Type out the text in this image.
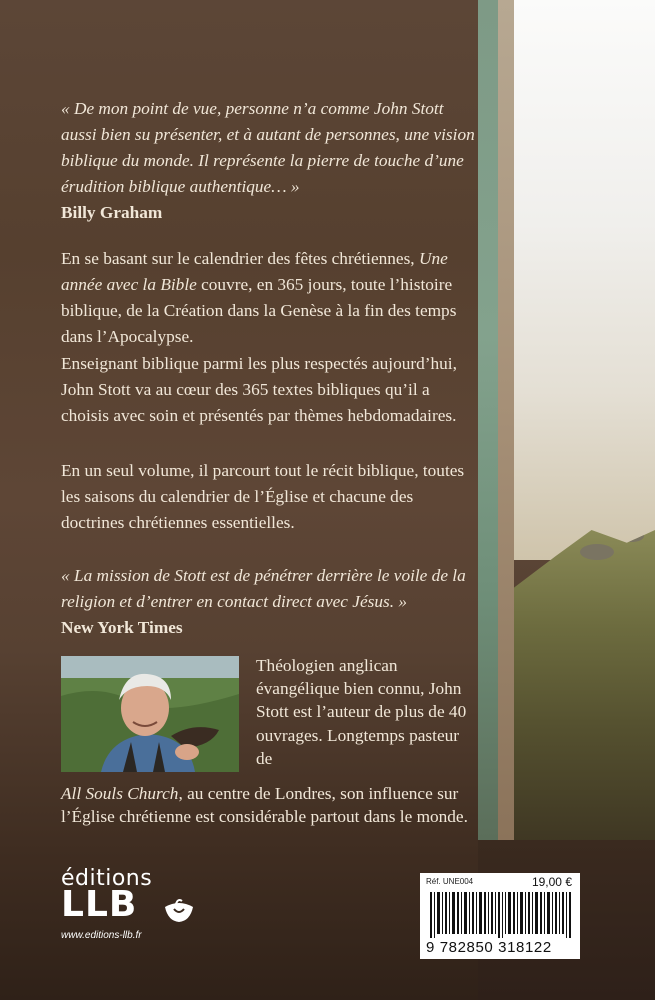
« De mon point de vue, personne n’a comme John Stott aussi bien su présenter, et à autant de personnes, une vision biblique du monde. Il représente la pierre de touche d’une érudition biblique authentique… »

Billy Graham

En se basant sur le calendrier des fêtes chrétiennes, Une année avec la Bible couvre, en 365 jours, toute l’histoire biblique, de la Création dans la Genèse à la fin des temps dans l’Apocalypse.

Enseignant biblique parmi les plus respectés aujourd’hui, John Stott va au cœur des 365 textes bibliques qu’il a choisis avec soin et présentés par thèmes hebdomadaires.

En un seul volume, il parcourt tout le récit biblique, toutes les saisons du calendrier de l’Église et chacune des doctrines chrétiennes essentielles.

« La mission de Stott est de pénétrer derrière le voile de la religion et d’entrer en contact direct avec Jésus. »

New York Times

Théologien anglican évangélique bien connu, John Stott est l’auteur de plus de 40 ouvrages. Longtemps pasteur de
All Souls Church, au centre de Londres, son influence sur l’Église chrétienne est considérable partout dans le monde.
éditions
LLB
www.editions-llb.fr
Réf. UNE004	19,00 €
9 782850 318122
